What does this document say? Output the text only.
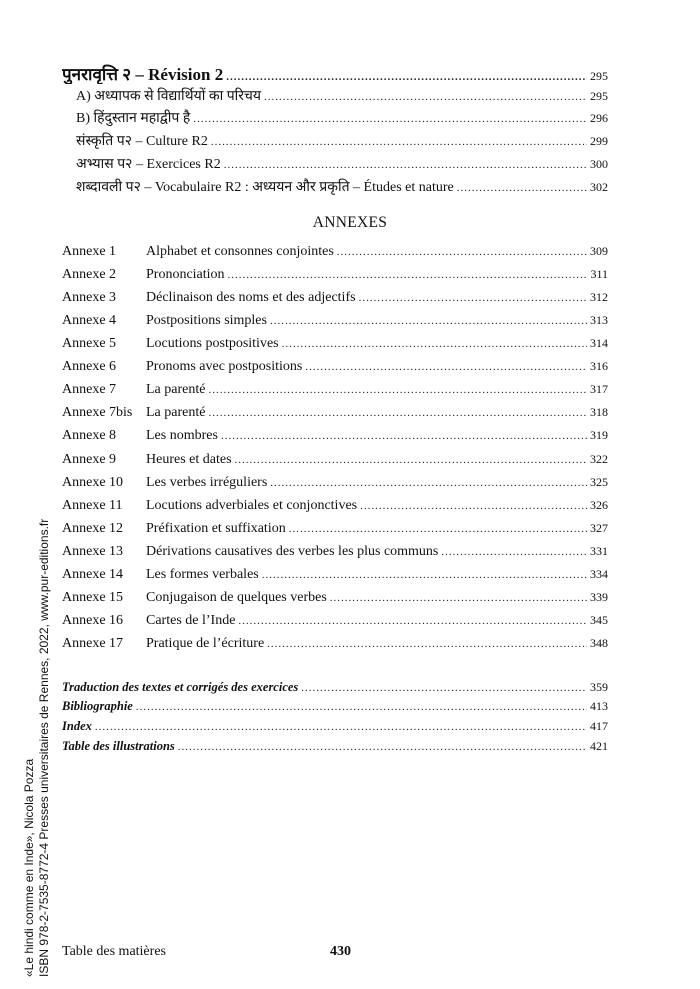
पुनरावृत्ति २ – Révision 2 .....	295
A) अध्यापक से विद्यार्थियों का परिचय .....	295
B) हिंदुस्तान महाद्वीप है .....	296
संस्कृति प२ – Culture R2 .....	299
अभ्यास प२ – Exercices R2 .....	300
शब्दावली प२ – Vocabulaire R2 : अध्ययन और प्रकृति – Études et nature .....	302
ANNEXES
Annexe 1	Alphabet et consonnes conjointes .....	309
Annexe 2	Prononciation .....	311
Annexe 3	Déclinaison des noms et des adjectifs .....	312
Annexe 4	Postpositions simples .....	313
Annexe 5	Locutions postpositives .....	314
Annexe 6	Pronoms avec postpositions .....	316
Annexe 7	La parenté .....	317
Annexe 7bis La parenté .....	318
Annexe 8	Les nombres .....	319
Annexe 9	Heures et dates .....	322
Annexe 10	Les verbes irréguliers .....	325
Annexe 11	Locutions adverbiales et conjonctives .....	326
Annexe 12	Préfixation et suffixation .....	327
Annexe 13	Dérivations causatives des verbes les plus communs .....	331
Annexe 14	Les formes verbales .....	334
Annexe 15	Conjugaison de quelques verbes .....	339
Annexe 16	Cartes de l’Inde .....	345
Annexe 17	Pratique de l’écriture .....	348
Traduction des textes et corrigés des exercices .....	359
Bibliographie .....	413
Index .....	417
Table des illustrations .....	421
«Le hindi comme en Inde», Nicola Pozza ISBN 978-2-7535-8772-4 Presses universitaires de Rennes, 2022, www.pur-editions.fr Table des matières	430
